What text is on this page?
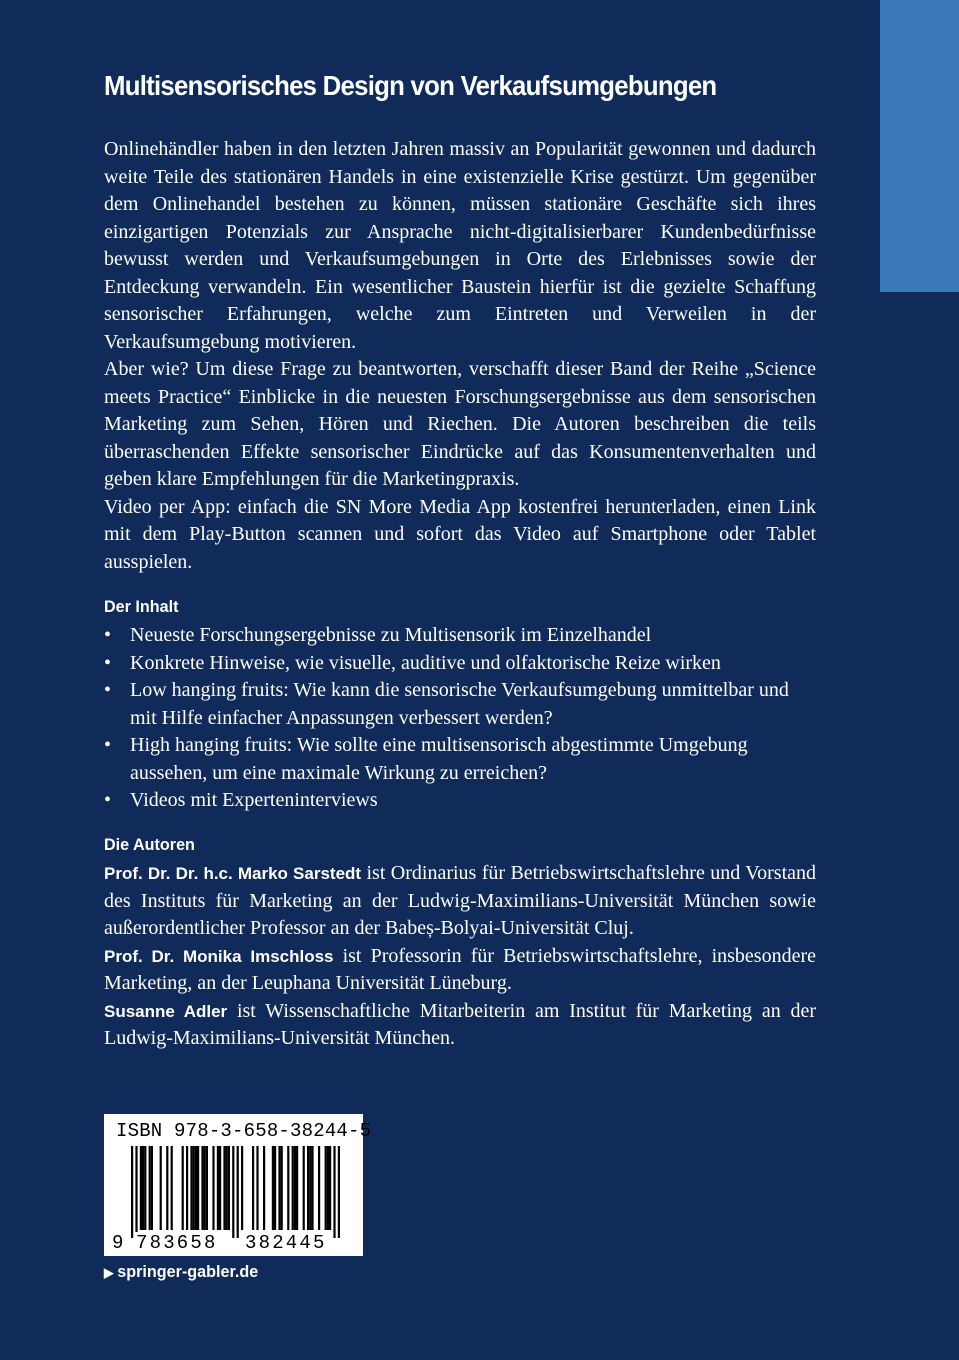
Multisensorisches Design von Verkaufsumgebungen

Onlinehändler haben in den letzten Jahren massiv an Popularität gewonnen und dadurch weite Teile des stationären Handels in eine existenzielle Krise gestürzt. Um gegenüber dem Onlinehandel bestehen zu können, müssen stationäre Geschäfte sich ihres einzigartigen Potenzials zur Ansprache nicht-digitalisierbarer Kundenbedürfnisse bewusst werden und Verkaufsumgebungen in Orte des Erlebnisses sowie der Entdeckung verwandeln. Ein wesentlicher Baustein hierfür ist die gezielte Schaffung sensorischer Erfahrungen, welche zum Eintreten und Verweilen in der Verkaufsumgebung motivieren.

Aber wie? Um diese Frage zu beantworten, verschafft dieser Band der Reihe „Science meets Practice“ Einblicke in die neuesten Forschungsergebnisse aus dem sensorischen Marketing zum Sehen, Hören und Riechen. Die Autoren beschreiben die teils überraschenden Effekte sensorischer Eindrücke auf das Konsumentenverhalten und geben klare Empfehlungen für die Marketingpraxis.

Video per App: einfach die SN More Media App kostenfrei herunterladen, einen Link mit dem Play-Button scannen und sofort das Video auf Smartphone oder Tablet ausspielen.

Der Inhalt
• Neueste Forschungsergebnisse zu Multisensorik im Einzelhandel
• Konkrete Hinweise, wie visuelle, auditive und olfaktorische Reize wirken
• Low hanging fruits: Wie kann die sensorische Verkaufsumgebung unmittelbar und mit Hilfe einfacher Anpassungen verbessert werden?
• High hanging fruits: Wie sollte eine multisensorisch abgestimmte Umgebung aussehen, um eine maximale Wirkung zu erreichen?
• Videos mit Experteninterviews
Die Autoren

Prof. Dr. Dr. h.c. Marko Sarstedt ist Ordinarius für Betriebswirtschaftslehre und Vorstand des Instituts für Marketing an der Ludwig-Maximilians-Universität München sowie außerordentlicher Professor an der Babeș-Bolyai-Universität Cluj.

Prof. Dr. Monika Imschloss ist Professorin für Betriebswirtschaftslehre, insbesondere Marketing, an der Leuphana Universität Lüneburg.

Susanne Adler ist Wissenschaftliche Mitarbeiterin am Institut für Marketing an der Ludwig-Maximilians-Universität München.

ISBN 978-3-658-38244-5
9 783658 382445
▶ springer-gabler.de
